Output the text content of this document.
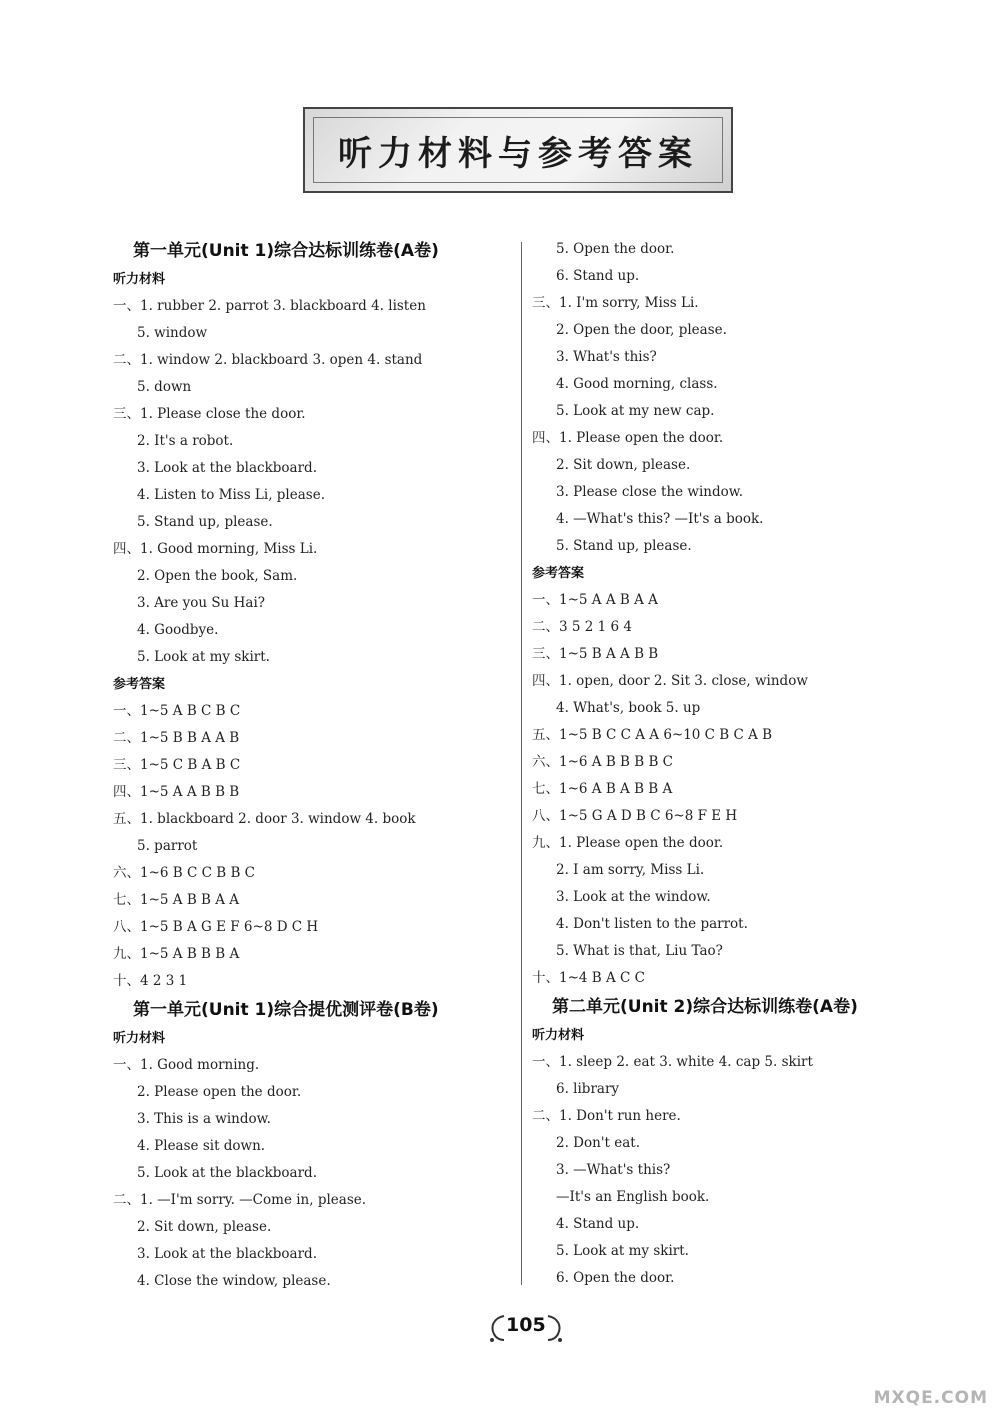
听力材料与参考答案
第一单元(Unit 1)综合达标训练卷(A卷)
听力材料
一、1. rubber 2. parrot 3. blackboard 4. listen
5. window
二、1. window 2. blackboard 3. open 4. stand
5. down
三、1. Please close the door.
2. It's a robot.
3. Look at the blackboard.
4. Listen to Miss Li, please.
5. Stand up, please.
四、1. Good morning, Miss Li.
2. Open the book, Sam.
3. Are you Su Hai?
4. Goodbye.
5. Look at my skirt.
参考答案
一、1~5 A B C B C
二、1~5 B B A A B
三、1~5 C B A B C
四、1~5 A A B B B
五、1. blackboard 2. door 3. window 4. book
5. parrot
六、1~6 B C C B B C
七、1~5 A B B A A
八、1~5 B A G E F 6~8 D C H
九、1~5 A B B B A
十、4 2 3 1
第一单元(Unit 1)综合提优测评卷(B卷)
听力材料
一、1. Good morning.
2. Please open the door.
3. This is a window.
4. Please sit down.
5. Look at the blackboard.
二、1. —I'm sorry. —Come in, please.
2. Sit down, please.
3. Look at the blackboard.
4. Close the window, please.
5. Open the door.
6. Stand up.
三、1. I'm sorry, Miss Li.
2. Open the door, please.
3. What's this?
4. Good morning, class.
5. Look at my new cap.
四、1. Please open the door.
2. Sit down, please.
3. Please close the window.
4. —What's this? —It's a book.
5. Stand up, please.
参考答案
一、1~5 A A B A A
二、3 5 2 1 6 4
三、1~5 B A A B B
四、1. open, door 2. Sit 3. close, window
4. What's, book 5. up
五、1~5 B C C A A 6~10 C B C A B
六、1~6 A B B B B C
七、1~6 A B A B B A
八、1~5 G A D B C 6~8 F E H
九、1. Please open the door.
2. I am sorry, Miss Li.
3. Look at the window.
4. Don't listen to the parrot.
5. What is that, Liu Tao?
十、1~4 B A C C
第二单元(Unit 2)综合达标训练卷(A卷)
听力材料
一、1. sleep 2. eat 3. white 4. cap 5. skirt
6. library
二、1. Don't run here.
2. Don't eat.
3. —What's this?
—It's an English book.
4. Stand up.
5. Look at my skirt.
6. Open the door.
105
MXQE.COM
